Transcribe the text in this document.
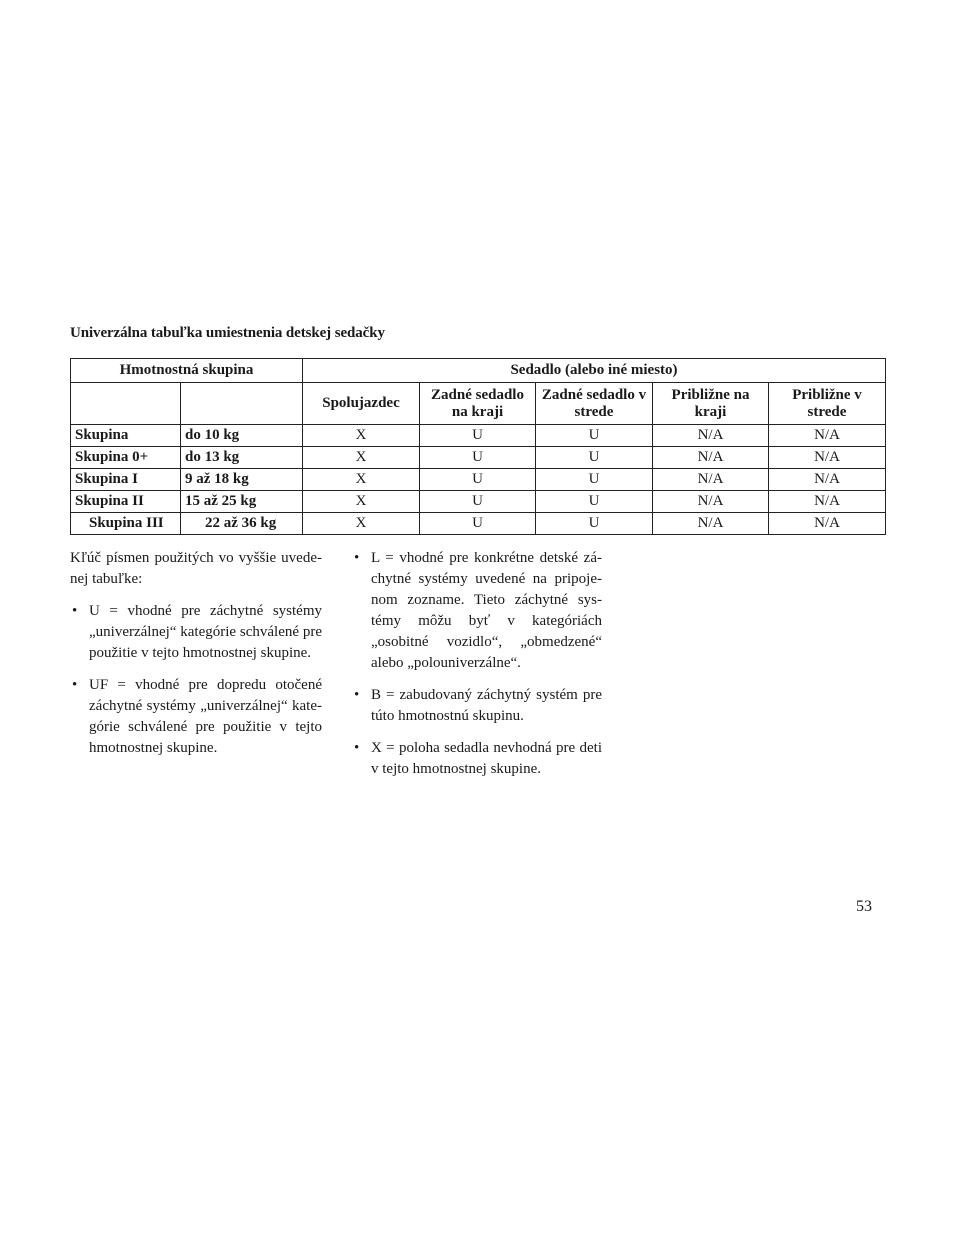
Univerzálna tabuľka umiestnenia detskej sedačky
Hmotnostná skupina		Sedadlo (alebo iné miesto)				
		Spolujazdec	Zadné sedadlo na kraji	Zadné sedadlo v strede	Približne na kraji	Približne v strede
Skupina	do 10 kg	X	U	U	N/A	N/A
Skupina 0+	do 13 kg	X	U	U	N/A	N/A
Skupina I	9 až 18 kg	X	U	U	N/A	N/A
Skupina II	15 až 25 kg	X	U	U	N/A	N/A
Skupina III	22 až 36 kg	X	U	U	N/A	N/A

Kľúč písmen použitých vo vyššie uvedenej tabuľke:

• U = vhodné pre záchytné systémy „univerzálnej“ kategórie schválené pre použitie v tejto hmotnostnej skupine.
• UF = vhodné pre dopredu otočené záchytné systémy „univerzálnej“ kategórie schválené pre použitie v tejto hmotnostnej skupine.
• L = vhodné pre konkrétne detské záchytné systémy uvedené na pripojenom zozname. Tieto záchytné systémy môžu byť v kategóriách „osobitné vozidlo“, „obmedzené“ alebo „polouniverzálne“.
• B = zabudovaný záchytný systém pre túto hmotnostnú skupinu.
• X = poloha sedadla nevhodná pre deti v tejto hmotnostnej skupine.
53
